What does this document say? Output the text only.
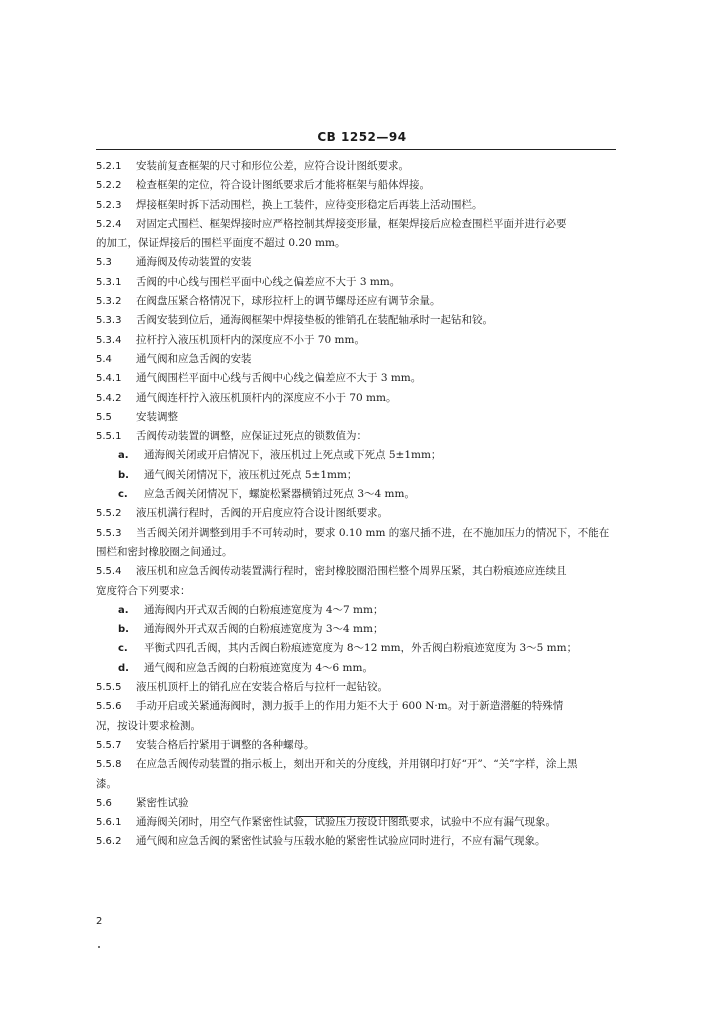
CB 1252—94
5.2.1 安装前复查框架的尺寸和形位公差，应符合设计图纸要求。
5.2.2 检查框架的定位，符合设计图纸要求后才能将框架与船体焊接。
5.2.3 焊接框架时拆下活动围栏，换上工装件，应待变形稳定后再装上活动围栏。
5.2.4 对固定式围栏、框架焊接时应严格控制其焊接变形量，框架焊接后应检查围栏平面并进行必要
的加工，保证焊接后的围栏平面度不超过 0.20 mm。
5.3 通海阀及传动装置的安装
5.3.1 舌阀的中心线与围栏平面中心线之偏差应不大于 3 mm。
5.3.2 在阀盘压紧合格情况下，球形拉杆上的调节螺母还应有调节余量。
5.3.3 舌阀安装到位后，通海阀框架中焊接垫板的锥销孔在装配轴承时一起钻和铰。
5.3.4 拉杆拧入液压机顶杆内的深度应不小于 70 mm。
5.4 通气阀和应急舌阀的安装
5.4.1 通气阀围栏平面中心线与舌阀中心线之偏差应不大于 3 mm。
5.4.2 通气阀连杆拧入液压机顶杆内的深度应不小于 70 mm。
5.5 安装调整
5.5.1 舌阀传动装置的调整，应保证过死点的锁数值为：
a. 通海阀关闭或开启情况下，液压机过上死点或下死点 5±1mm；
b. 通气阀关闭情况下，液压机过死点 5±1mm；
c. 应急舌阀关闭情况下，螺旋松紧器横销过死点 3～4 mm。
5.5.2 液压机满行程时，舌阀的开启度应符合设计图纸要求。
5.5.3 当舌阀关闭并调整到用手不可转动时，要求 0.10 mm 的塞尺插不进，在不施加压力的情况下，不能在
围栏和密封橡胶圈之间通过。
5.5.4 液压机和应急舌阀传动装置满行程时，密封橡胶圈沿围栏整个周界压紧，其白粉痕迹应连续且
宽度符合下列要求：
a. 通海阀内开式双舌阀的白粉痕迹宽度为 4～7 mm；
b. 通海阀外开式双舌阀的白粉痕迹宽度为 3～4 mm；
c. 平衡式四孔舌阀，其内舌阀白粉痕迹宽度为 8～12 mm，外舌阀白粉痕迹宽度为 3～5 mm；
d. 通气阀和应急舌阀的白粉痕迹宽度为 4～6 mm。
5.5.5 液压机顶杆上的销孔应在安装合格后与拉杆一起钻铰。
5.5.6 手动开启或关紧通海阀时，测力扳手上的作用力矩不大于 600 N·m。对于新造潜艇的特殊情
况，按设计要求检测。
5.5.7 安装合格后拧紧用于调整的各种螺母。
5.5.8 在应急舌阀传动装置的指示板上，刻出开和关的分度线，并用钢印打好“开”、“关”字样，涂上黑
漆。
5.6 紧密性试验
5.6.1 通海阀关闭时，用空气作紧密性试验，试验压力按设计图纸要求，试验中不应有漏气现象。
5.6.2 通气阀和应急舌阀的紧密性试验与压载水舱的紧密性试验应同时进行，不应有漏气现象。
2
